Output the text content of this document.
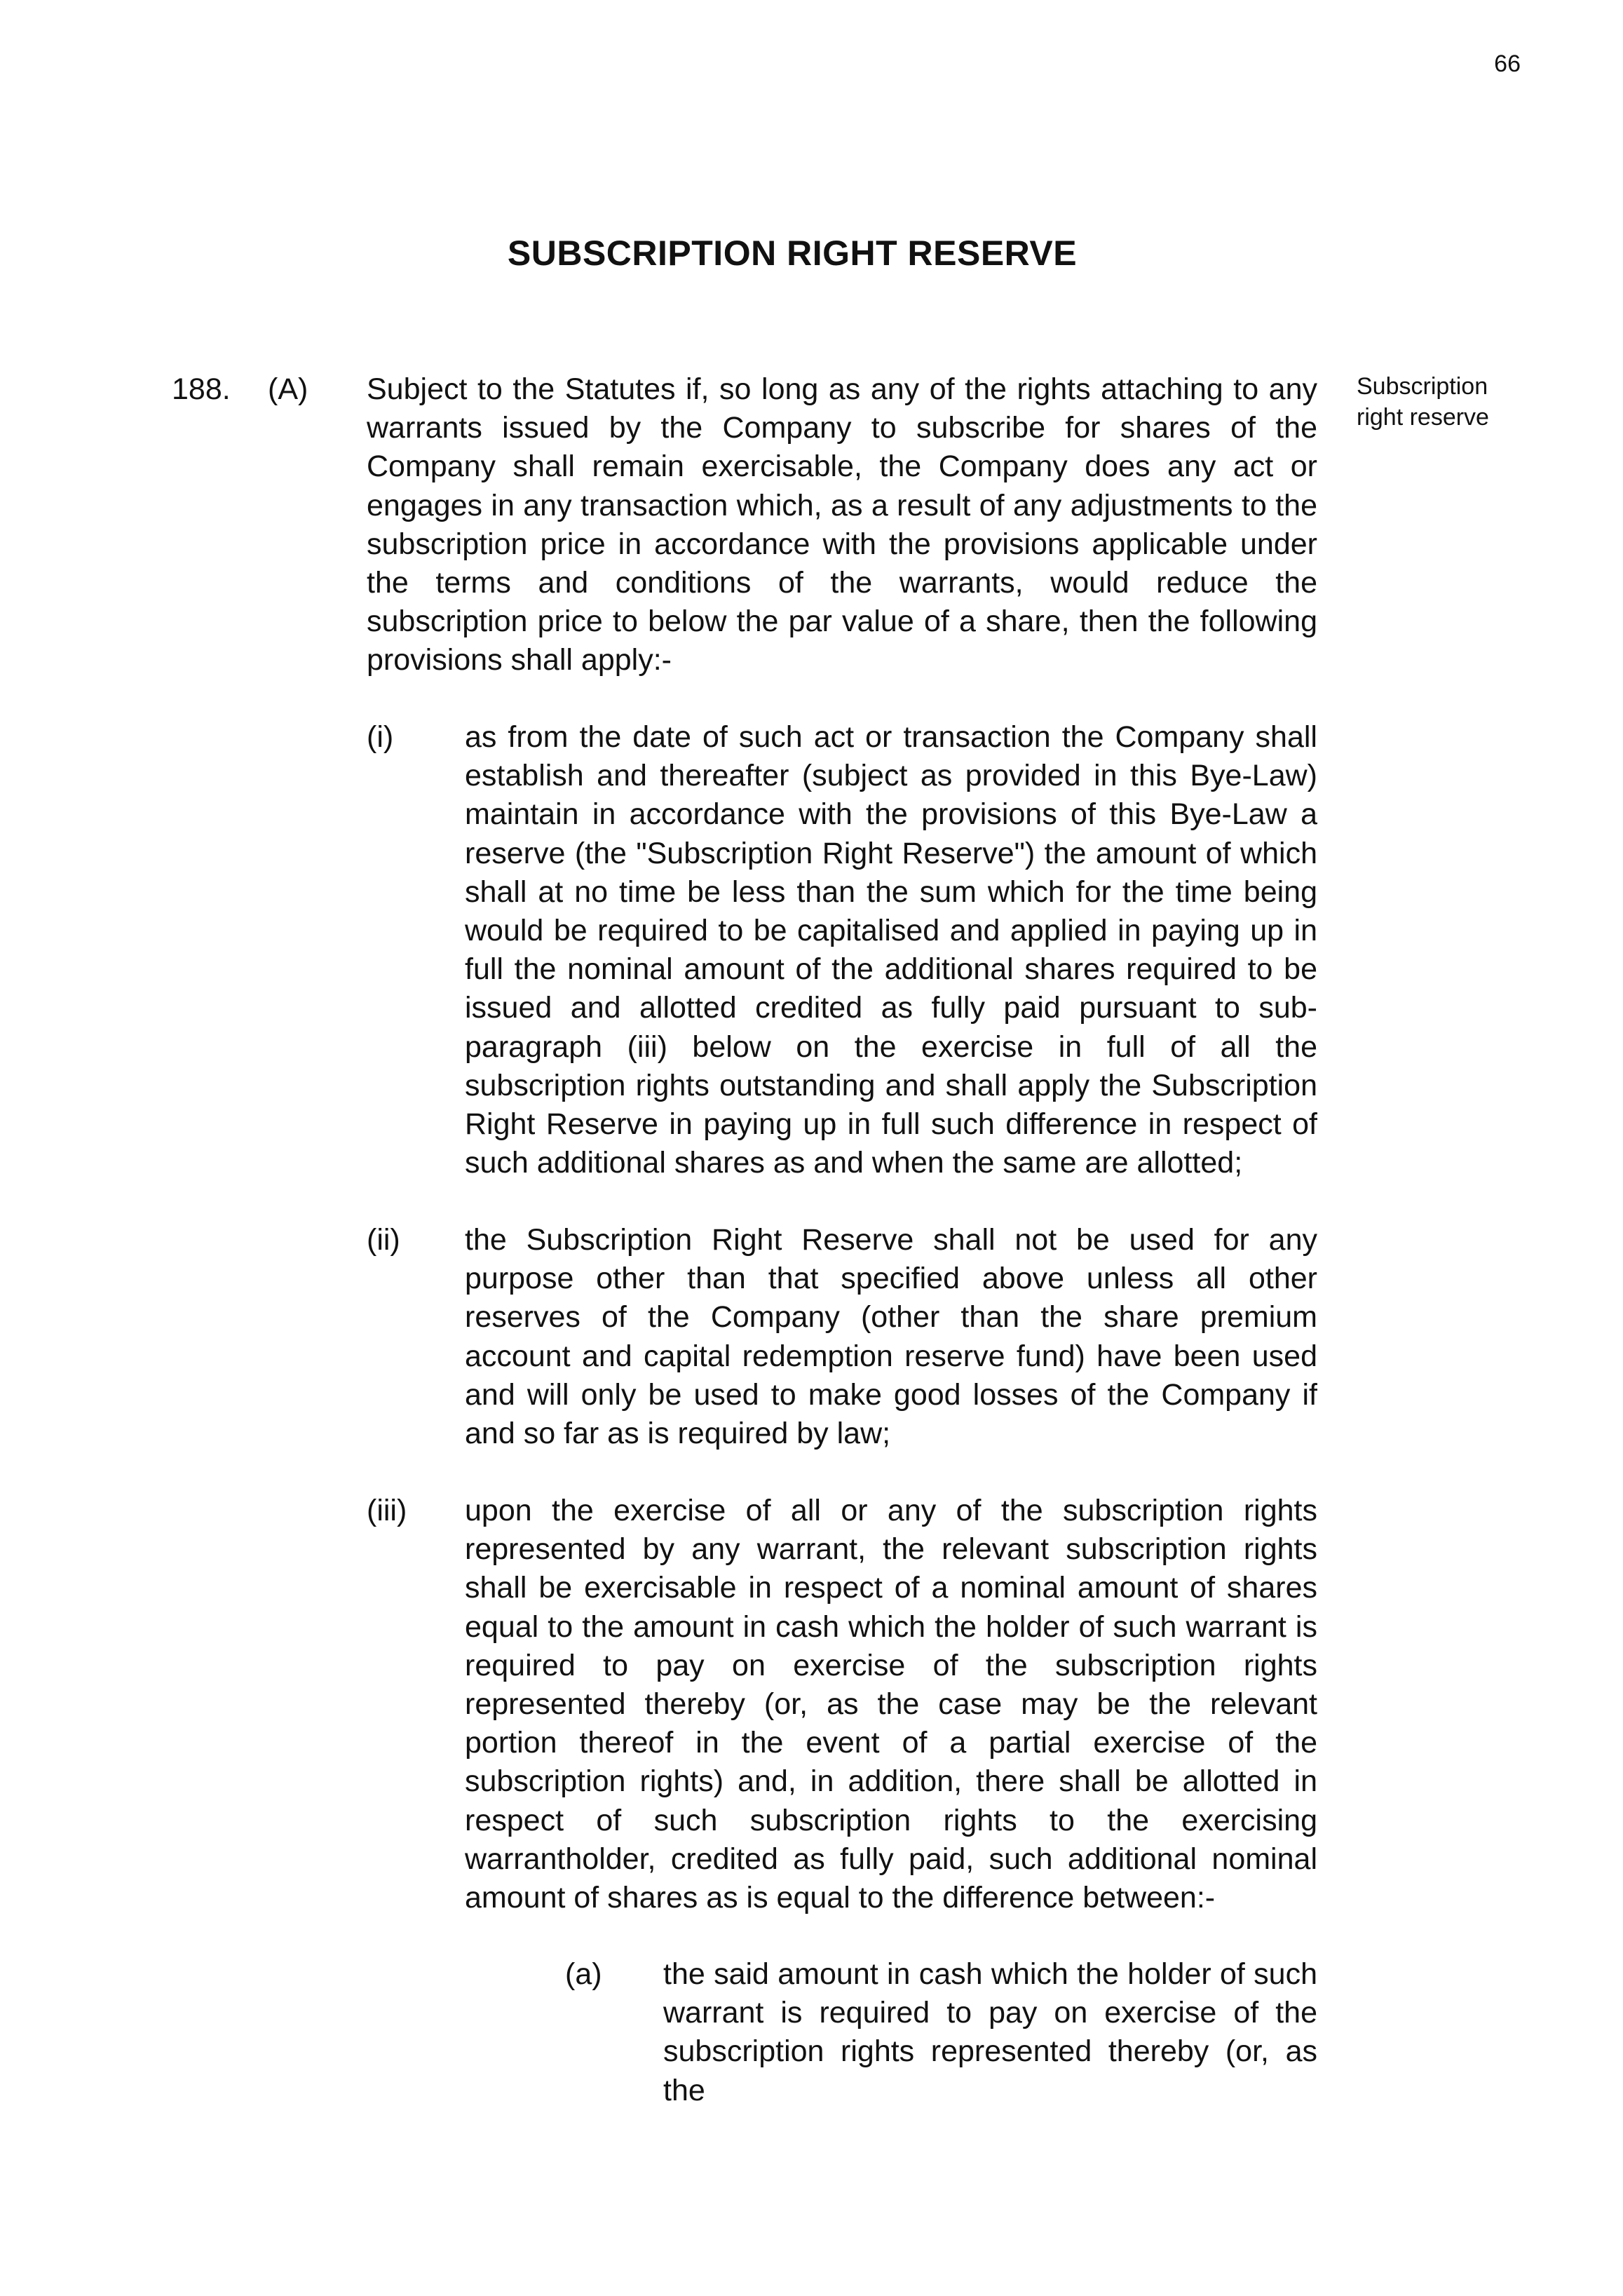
66
SUBSCRIPTION RIGHT RESERVE
188. (A) Subject to the Statutes if, so long as any of the rights attaching to any warrants issued by the Company to subscribe for shares of the Company shall remain exercisable, the Company does any act or engages in any transaction which, as a result of any adjustments to the subscription price in accordance with the provisions applicable under the terms and conditions of the warrants, would reduce the subscription price to below the par value of a share, then the following provisions shall apply:-
Subscription right reserve
(i) as from the date of such act or transaction the Company shall establish and thereafter (subject as provided in this Bye-Law) maintain in accordance with the provisions of this Bye-Law a reserve (the "Subscription Right Reserve") the amount of which shall at no time be less than the sum which for the time being would be required to be capitalised and applied in paying up in full the nominal amount of the additional shares required to be issued and allotted credited as fully paid pursuant to sub-paragraph (iii) below on the exercise in full of all the subscription rights outstanding and shall apply the Subscription Right Reserve in paying up in full such difference in respect of such additional shares as and when the same are allotted;
(ii) the Subscription Right Reserve shall not be used for any purpose other than that specified above unless all other reserves of the Company (other than the share premium account and capital redemption reserve fund) have been used and will only be used to make good losses of the Company if and so far as is required by law;
(iii) upon the exercise of all or any of the subscription rights represented by any warrant, the relevant subscription rights shall be exercisable in respect of a nominal amount of shares equal to the amount in cash which the holder of such warrant is required to pay on exercise of the subscription rights represented thereby (or, as the case may be the relevant portion thereof in the event of a partial exercise of the subscription rights) and, in addition, there shall be allotted in respect of such subscription rights to the exercising warrantholder, credited as fully paid, such additional nominal amount of shares as is equal to the difference between:-
(a) the said amount in cash which the holder of such warrant is required to pay on exercise of the subscription rights represented thereby (or, as the
